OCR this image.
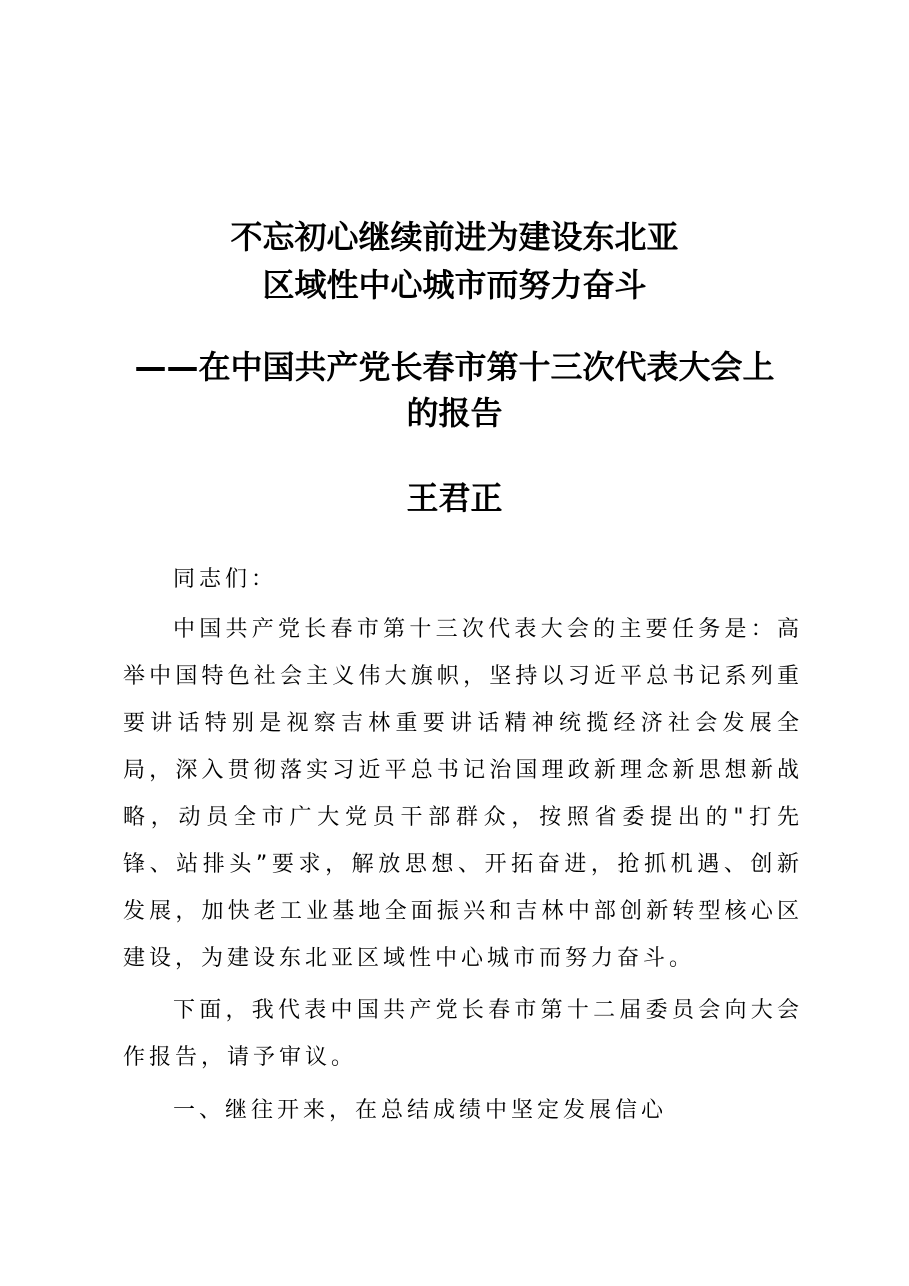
不忘初心继续前进为建设东北亚
区域性中心城市而努力奋斗
——在中国共产党长春市第十三次代表大会上
的报告
王君正

同志们：

中国共产党长春市第十三次代表大会的主要任务是：高举中国特色社会主义伟大旗帜，坚持以习近平总书记系列重要讲话特别是视察吉林重要讲话精神统揽经济社会发展全局，深入贯彻落实习近平总书记治国理政新理念新思想新战略，动员全市广大党员干部群众，按照省委提出的"打先锋、站排头”要求，解放思想、开拓奋进，抢抓机遇、创新发展，加快老工业基地全面振兴和吉林中部创新转型核心区建设，为建设东北亚区域性中心城市而努力奋斗。

下面，我代表中国共产党长春市第十二届委员会向大会作报告，请予审议。

一、继往开来，在总结成绩中坚定发展信心
